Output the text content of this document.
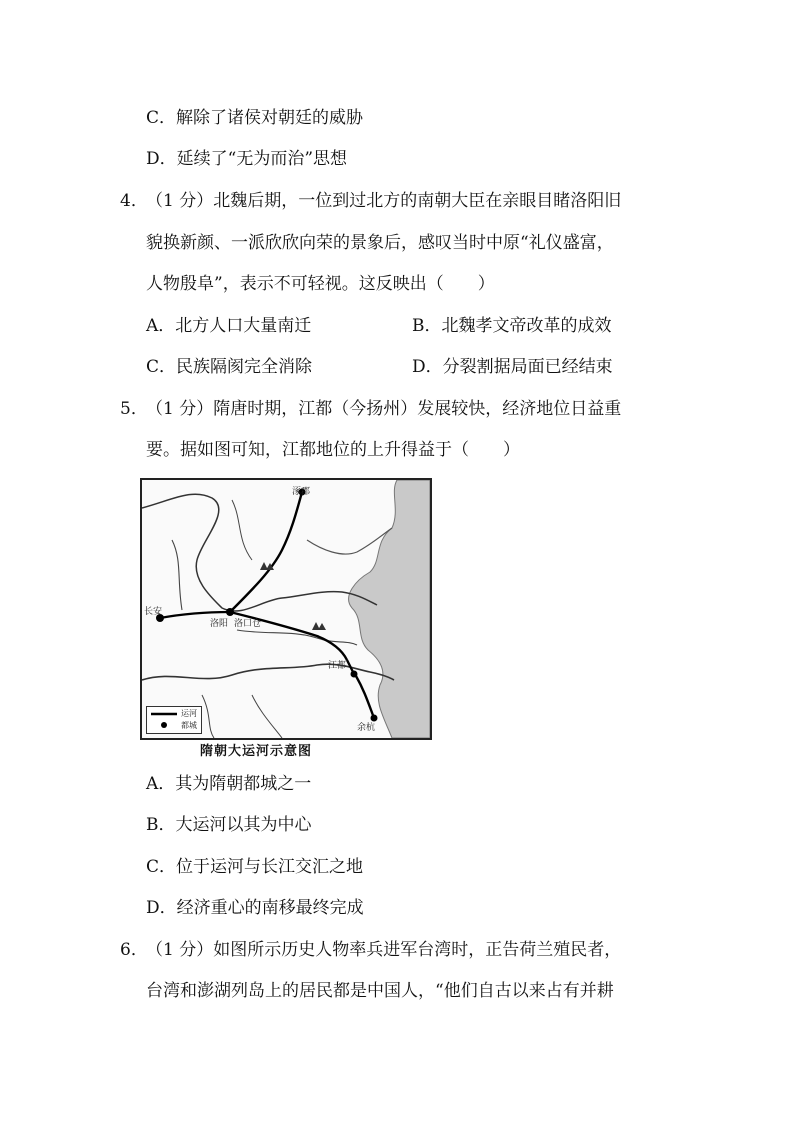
C．解除了诸侯对朝廷的威胁
D．延续了“无为而治”思想
4．
（1 分）北魏后期，一位到过北方的南朝大臣在亲眼目睹洛阳旧
貌换新颜、一派欣欣向荣的景象后，感叹当时中原“礼仪盛富，
人物殷阜”，表示不可轻视。这反映出（　　）
A．北方人口大量南迁	B．北魏孝文帝改革的成效
C．民族隔阂完全消除	D．分裂割据局面已经结束
5．
（1 分）隋唐时期，江都（今扬州）发展较快，经济地位日益重
要。据如图可知，江都地位的上升得益于（　　）
涿郡
长安
洛阳 洛口仓
江都
余杭
运河
都城
隋朝大运河示意图
A．其为隋朝都城之一
B．大运河以其为中心
C．位于运河与长江交汇之地
D．经济重心的南移最终完成
6．
（1 分）如图所示历史人物率兵进军台湾时，正告荷兰殖民者，
台湾和澎湖列岛上的居民都是中国人，“他们自古以来占有并耕
